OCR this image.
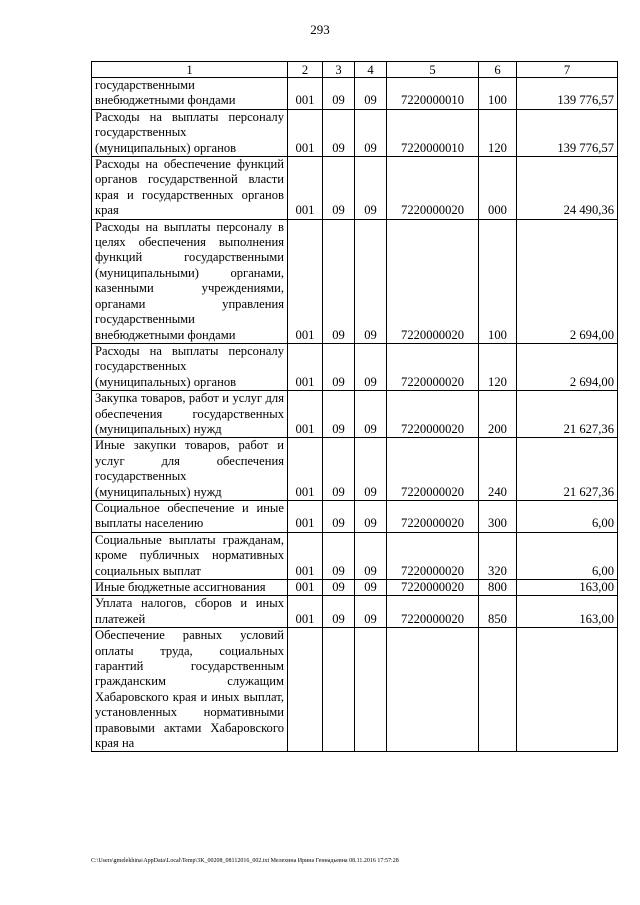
293
1	2	3	4	5	6	7
государственными внебюджетными фондами	001	09	09	7220000010	100	139 776,57
Расходы на выплаты персоналу государственных (муниципальных) органов	001	09	09	7220000010	120	139 776,57
Расходы на обеспечение функций органов государственной власти края и государственных органов края	001	09	09	7220000020	000	24 490,36
Расходы на выплаты персоналу в целях обеспечения выполнения функций государственными (муниципальными) органами, казенными учреждениями, органами управления государственными внебюджетными фондами	001	09	09	7220000020	100	2 694,00
Расходы на выплаты персоналу государственных (муниципальных) органов	001	09	09	7220000020	120	2 694,00
Закупка товаров, работ и услуг для обеспечения государственных (муниципальных) нужд	001	09	09	7220000020	200	21 627,36
Иные закупки товаров, работ и услуг для обеспечения государственных (муниципальных) нужд	001	09	09	7220000020	240	21 627,36
Социальное обеспечение и иные выплаты населению	001	09	09	7220000020	300	6,00
Социальные выплаты гражданам, кроме публичных нормативных социальных выплат	001	09	09	7220000020	320	6,00
Иные бюджетные ассигнования	001	09	09	7220000020	800	163,00
Уплата налогов, сборов и иных платежей	001	09	09	7220000020	850	163,00
Обеспечение равных условий оплаты труда, социальных гарантий государственным гражданским служащим Хабаровского края и иных выплат, установленных нормативными правовыми актами Хабаровского края на						
C:\Users\gmelekhina\AppData\Local\Temp\3K_00208_08112016_002.txt Мелехина Ирина Геннадьевна 08.11.2016 17:57:28
